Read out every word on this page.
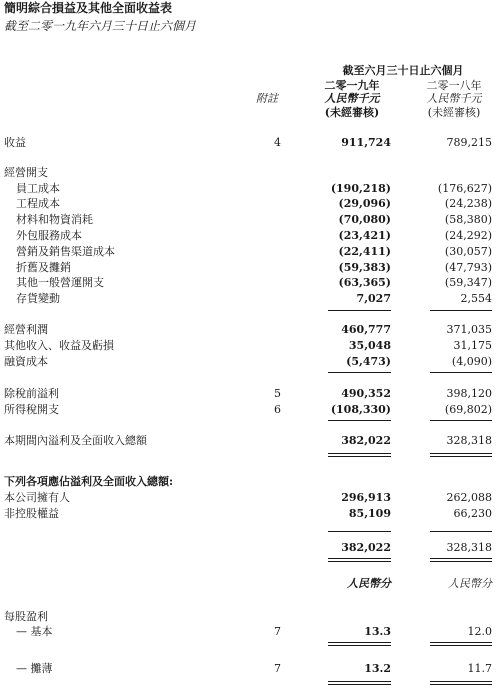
簡明綜合損益及其他全面收益表
截至二零一九年六月三十日止六個月
截至六月三十日止六個月
二零一九年	二零一八年
附註	人民幣千元	人民幣千元
(未經審核)	(未經審核)
收益	4	911,724	789,215
經營開支
員工成本	(190,218)	(176,627)
工程成本	(29,096)	(24,238)
材料和物資消耗	(70,080)	(58,380)
外包服務成本	(23,421)	(24,292)
營銷及銷售渠道成本	(22,411)	(30,057)
折舊及攤銷	(59,383)	(47,793)
其他一般營運開支	(63,365)	(59,347)
存貨變動	7,027	2,554
經營利潤	460,777	371,035
其他收入、收益及虧損	35,048	31,175
融資成本	(5,473)	(4,090)
除稅前溢利	5	490,352	398,120
所得稅開支	6	(108,330)	(69,802)
本期間內溢利及全面收入總額	382,022	328,318
下列各項應佔溢利及全面收入總額:
本公司擁有人	296,913	262,088
非控股權益	85,109	66,230
382,022	328,318
人民幣分	人民幣分
每股盈利
— 基本	7	13.3	12.0
— 攤薄	7	13.2	11.7
